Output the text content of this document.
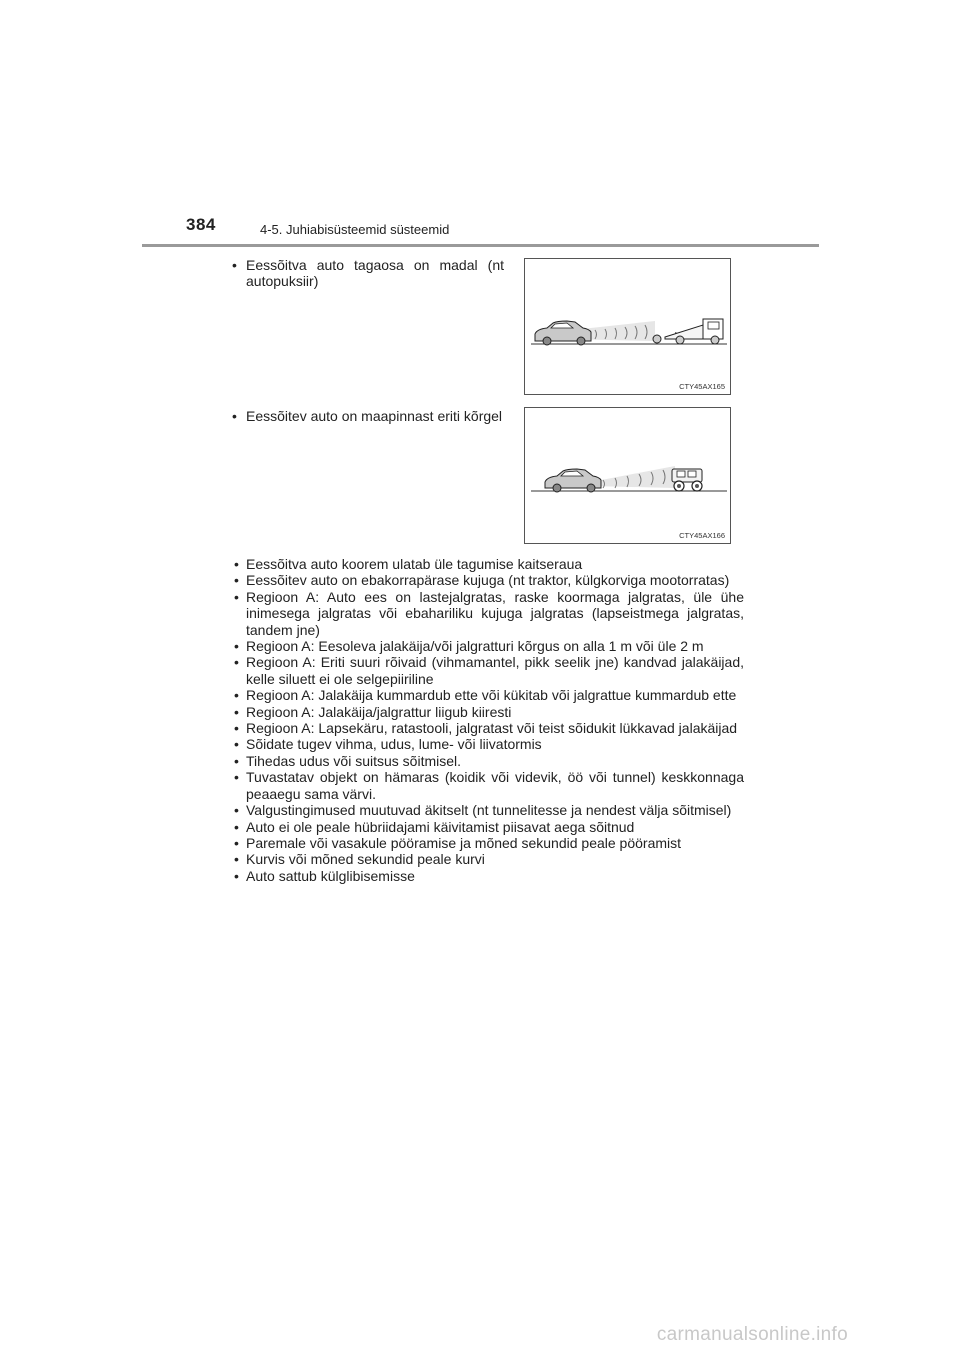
384	4-5. Juhiabisüsteemid süsteemid
• Eessõitva auto tagaosa on madal (nt autopuksiir)
CTY45AX165
• Eessõitev auto on maapinnast eriti kõrgel
CTY45AX166
• Eessõitva auto koorem ulatab üle tagumise kaitseraua
• Eessõitev auto on ebakorrapärase kujuga (nt traktor, külgkorviga mootorratas)
• Regioon A: Auto ees on lastejalgratas, raske koormaga jalgratas, üle ühe inimesega jalgratas või ebahariliku kujuga jalgratas (lapseistmega jalgratas, tandem jne)
• Regioon A: Eesoleva jalakäija/või jalgratturi kõrgus on alla 1 m või üle 2 m
• Regioon A: Eriti suuri rõivaid (vihmamantel, pikk seelik jne) kandvad jalakäijad, kelle siluett ei ole selgepiiriline
• Regioon A: Jalakäija kummardub ette või kükitab või jalgrattue kummardub ette
• Regioon A: Jalakäija/jalgrattur liigub kiiresti
• Regioon A: Lapsekäru, ratastooli, jalgratast või teist sõidukit lükkavad jalakäijad
• Sõidate tugev vihma, udus, lume- või liivatormis
• Tihedas udus või suitsus sõitmisel.
• Tuvastatav objekt on hämaras (koidik või videvik, öö või tunnel) keskkonnaga peaaegu sama värvi.
• Valgustingimused muutuvad äkitselt (nt tunnelitesse ja nendest välja sõitmisel)
• Auto ei ole peale hübriidajami käivitamist piisavat aega sõitnud
• Paremale või vasakule pööramise ja mõned sekundid peale pööramist
• Kurvis või mõned sekundid peale kurvi
• Auto sattub külglibisemisse
carmanualsonline.info
